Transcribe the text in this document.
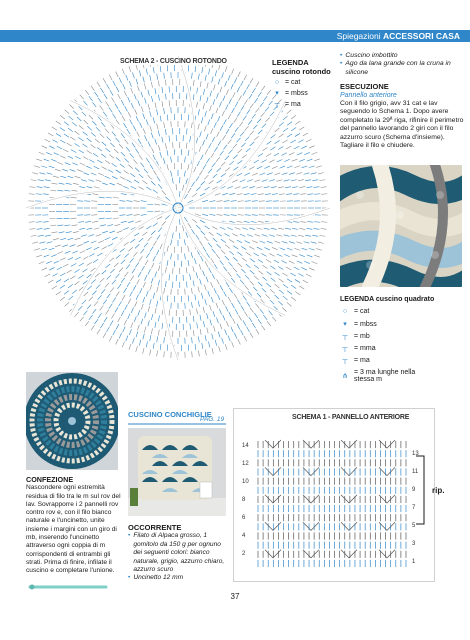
Spiegazioni ACCESSORI CASA
SCHEMA 2 - CUSCINO ROTONDO	LEGENDA
cuscino rotondo
○ = cat
▾ = mbss
┬ = ma
• Cuscino imbottito
• Ago da lana grande con la cruna in silicone
ESECUZIONE
Pannello anteriore
Con il filo grigio, avv 31 cat e lav seguendo lo Schema 1. Dopo avere completato la 29ª riga, rifinire il perimetro del pannello lavorando 2 giri con il filo azzurro scuro (Schema d'insieme). Tagliare il filo e chiudere.
LEGENDA cuscino quadrato
○ = cat
▾	= mbss
┬ = mb
┬ = mma
┬ = ma
⋔
= 3 ma lunghe nella stessa m
CONFEZIONE
Nascondere ogni estremità residua di filo tra le m sul rov del lav. Sovrapporre i 2 pannelli rov contro rov e, con il filo bianco naturale e l'uncinetto, unite insieme i margini con un giro di mb, inserendo l'uncinetto attraverso ogni coppia di m corrispondenti di entrambi gli strati. Prima di finire, infilate il cuscino e completare l'unione.
CUSCINO CONCHIGLIE
PAG. 19
OCCORRENTE
• Filato di Alpaca grosso, 1 gomitolo da 150 g per ognuno dei seguenti colori: bianco naturale, grigio, azzurro chiaro, azzurro scuro
• Uncinetto 12 mm
14
12
10
8
6
4
2
13
11
9
7
5
3
1
SCHEMA 1 - PANNELLO ANTERIORE
rip.
37
